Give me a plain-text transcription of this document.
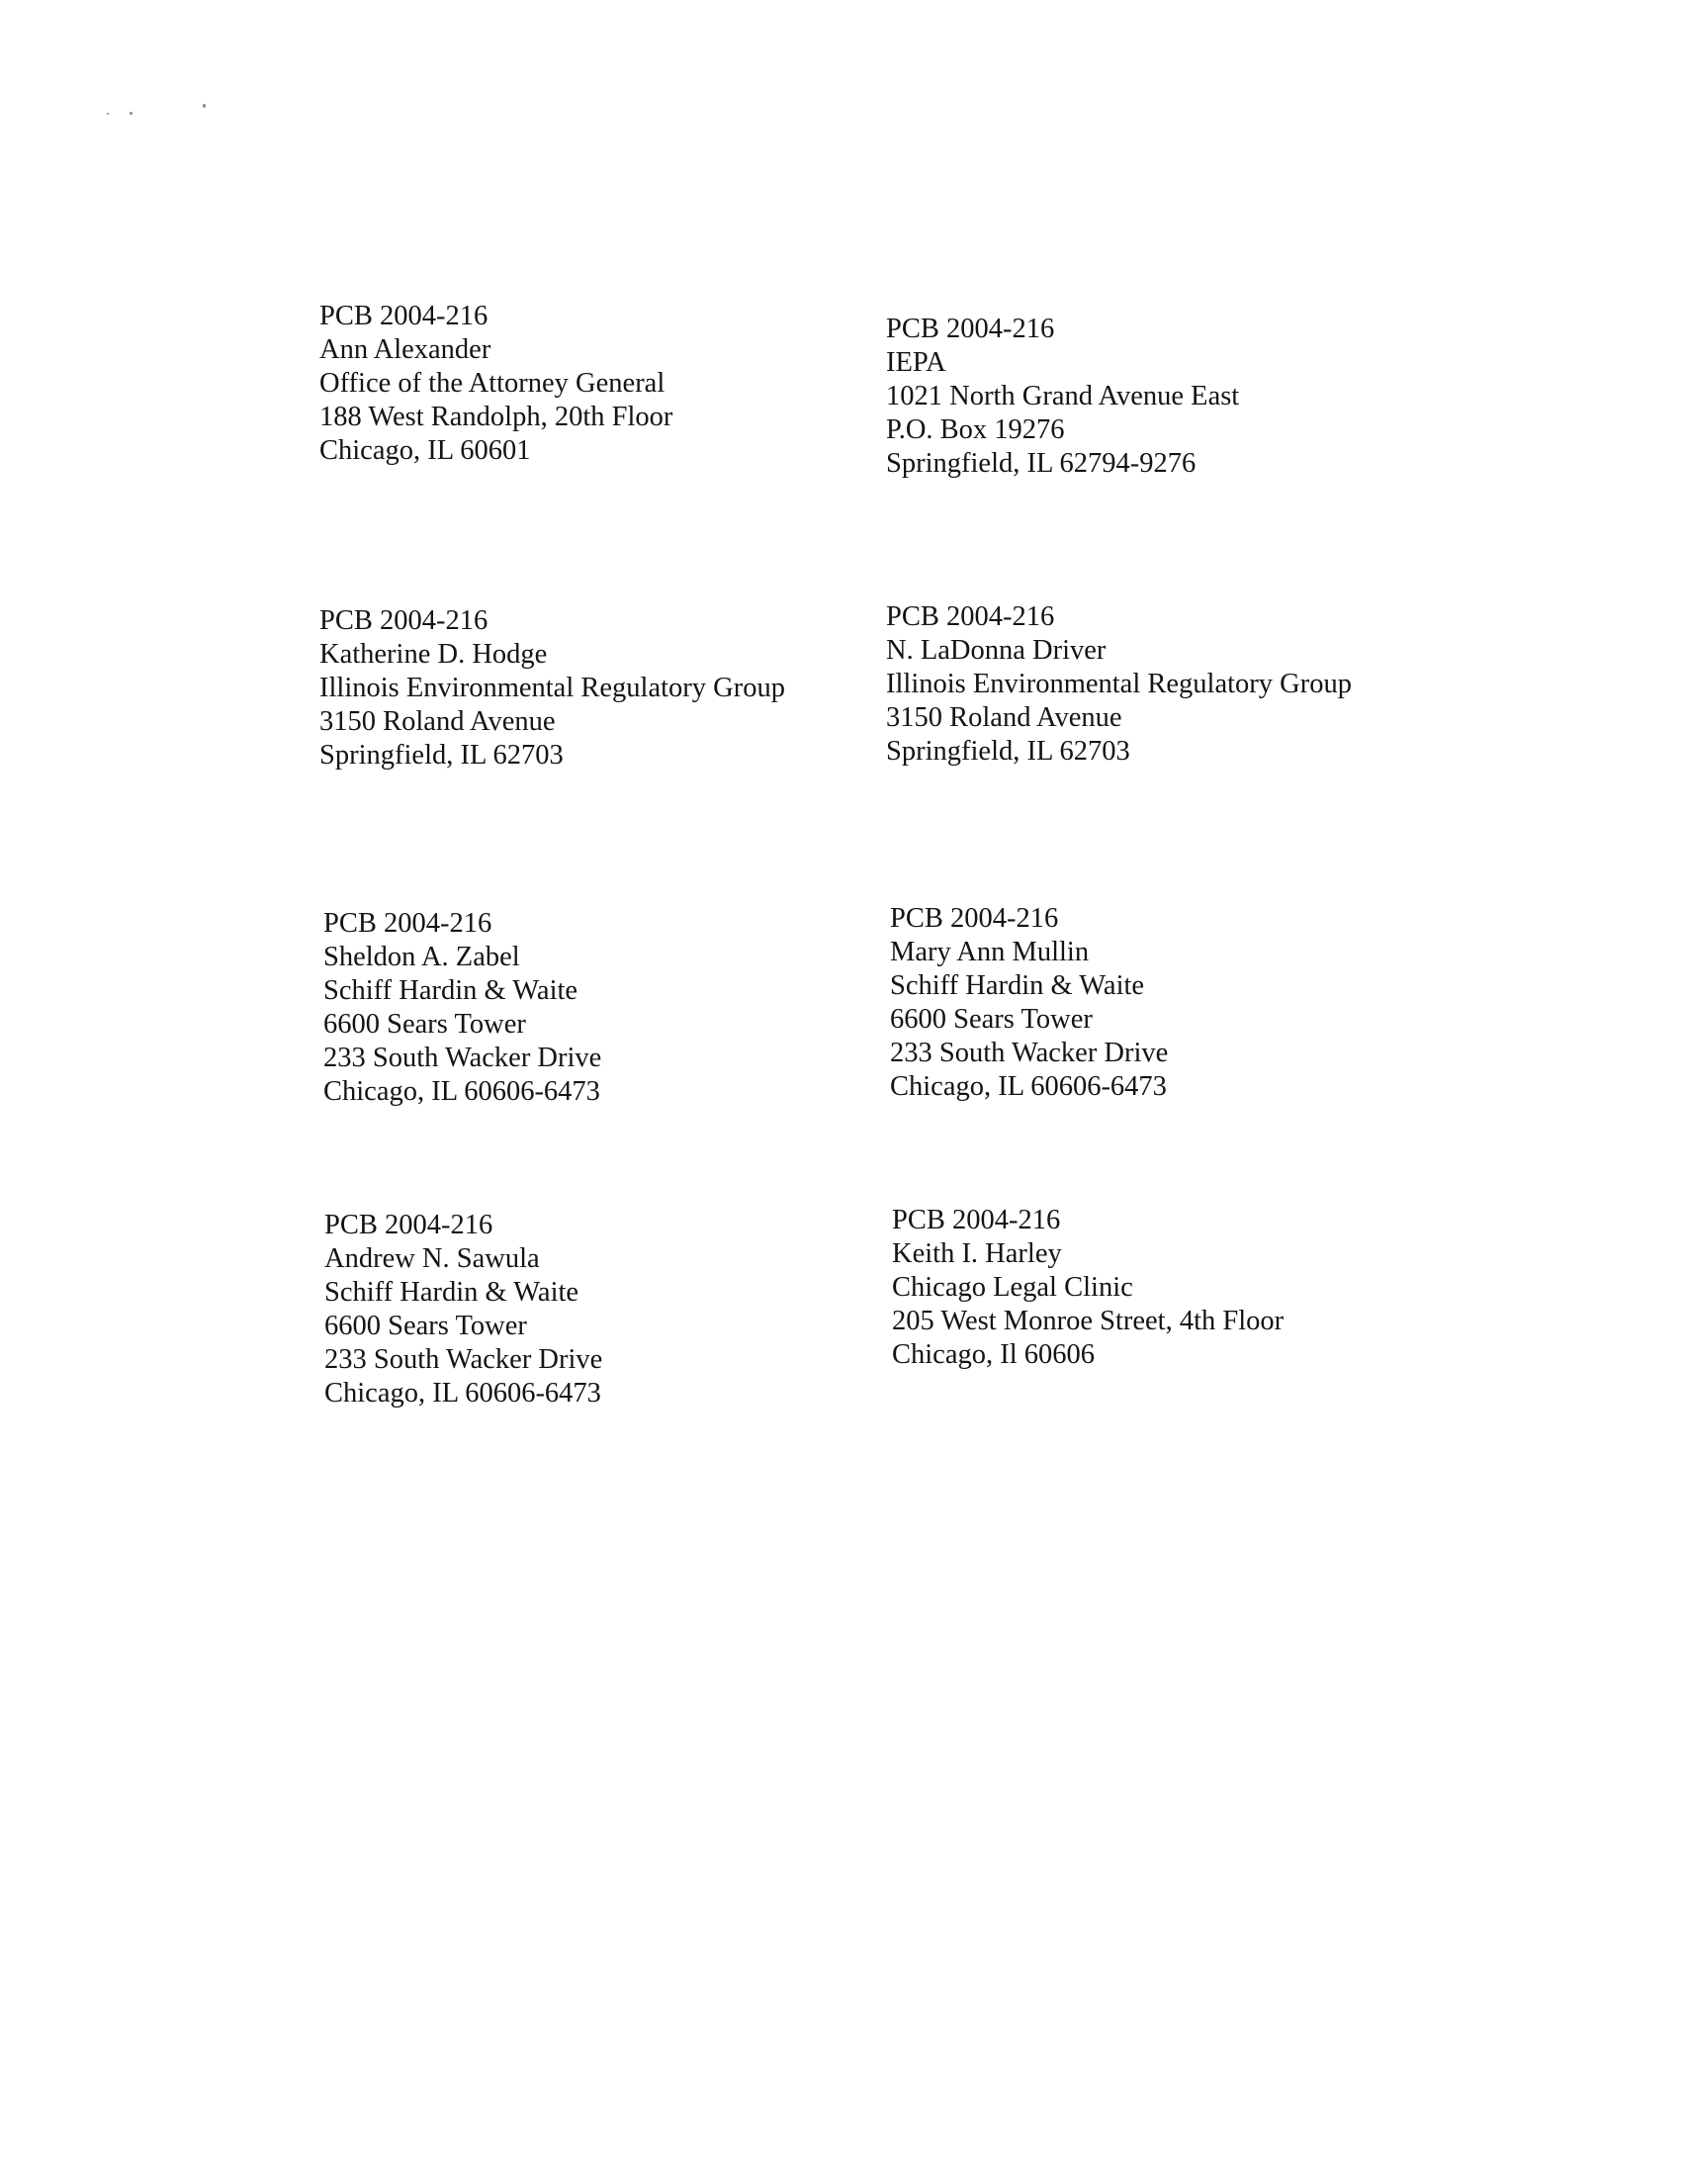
PCB 2004-216
Ann Alexander
Office of the Attorney General
188 West Randolph, 20th Floor
Chicago, IL 60601
PCB 2004-216
IEPA
1021 North Grand Avenue East
P.O. Box 19276
Springfield, IL 62794-9276
PCB 2004-216
Katherine D. Hodge
Illinois Environmental Regulatory Group
3150 Roland Avenue
Springfield, IL 62703
PCB 2004-216
N. LaDonna Driver
Illinois Environmental Regulatory Group
3150 Roland Avenue
Springfield, IL 62703
PCB 2004-216
Sheldon A. Zabel
Schiff Hardin & Waite
6600 Sears Tower
233 South Wacker Drive
Chicago, IL 60606-6473
PCB 2004-216
Mary Ann Mullin
Schiff Hardin & Waite
6600 Sears Tower
233 South Wacker Drive
Chicago, IL 60606-6473
PCB 2004-216
Andrew N. Sawula
Schiff Hardin & Waite
6600 Sears Tower
233 South Wacker Drive
Chicago, IL 60606-6473
PCB 2004-216
Keith I. Harley
Chicago Legal Clinic
205 West Monroe Street, 4th Floor
Chicago, Il 60606
